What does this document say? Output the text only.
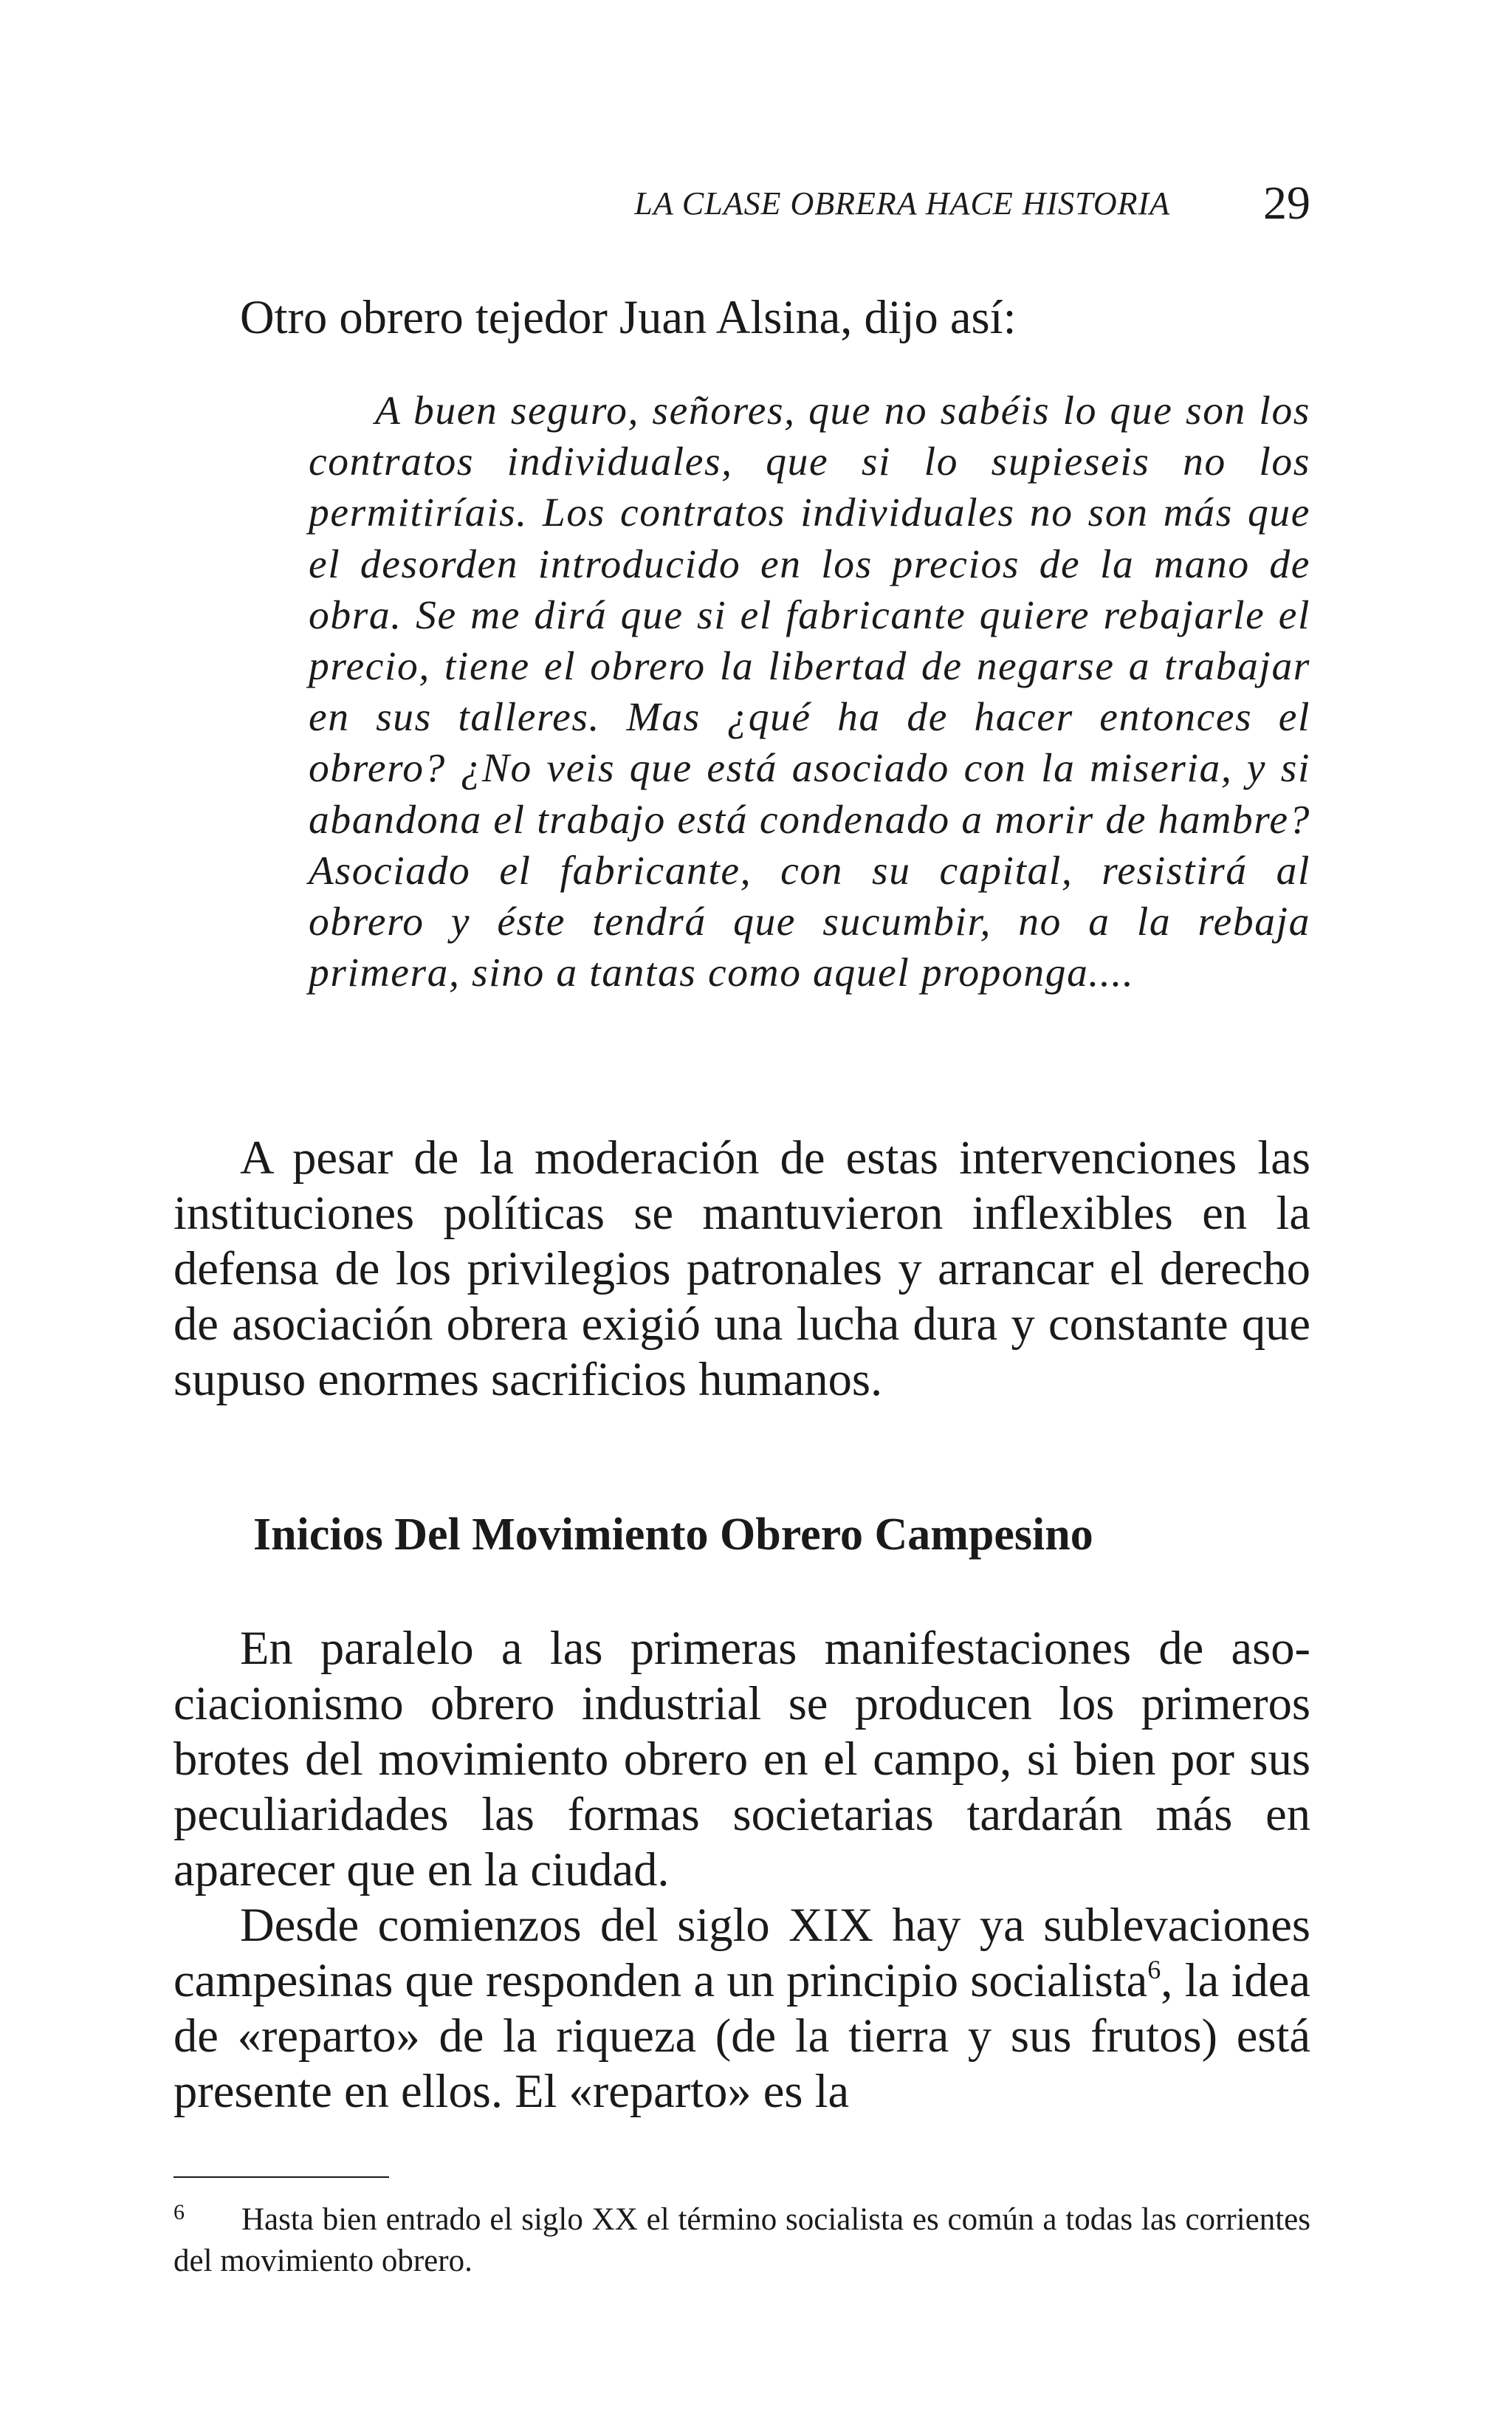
LA CLASE OBRERA HACE HISTORIA 29

Otro obrero tejedor Juan Alsina, dijo así:

A buen seguro, señores, que no sabéis lo que son los contratos individuales, que si lo supieseis no los permitiríais. Los contratos individuales no son más que el desorden introducido en los precios de la mano de obra. Se me dirá que si el fabricante quiere rebajarle el precio, tiene el obrero la libertad de negarse a trabajar en sus talleres. Mas ¿qué ha de hacer entonces el obrero? ¿No veis que está asociado con la miseria, y si abandona el trabajo está condenado a morir de hambre? Asociado el fabricante, con su capital, resistirá al obrero y éste tendrá que sucumbir, no a la rebaja primera, sino a tantas como aquel proponga....

A pesar de la moderación de estas intervenciones las instituciones políticas se mantuvieron inflexibles en la defensa de los privilegios patronales y arrancar el derecho de asociación obrera exigió una lucha dura y constante que supuso enormes sacrificios humanos.

Inicios Del Movimiento Obrero Campesino

En paralelo a las primeras manifestaciones de asociacionismo obrero industrial se producen los primeros brotes del movimiento obrero en el campo, si bien por sus peculiaridades las formas societarias tardarán más en aparecer que en la ciudad.

Desde comienzos del siglo XIX hay ya sublevaciones campesinas que responden a un principio socialista$^6$, la idea de «reparto» de la riqueza (de la tierra y sus frutos) está presente en ellos. El «reparto» es la

6 Hasta bien entrado el siglo XX el término socialista es común a todas las corrientes del movimiento obrero.
